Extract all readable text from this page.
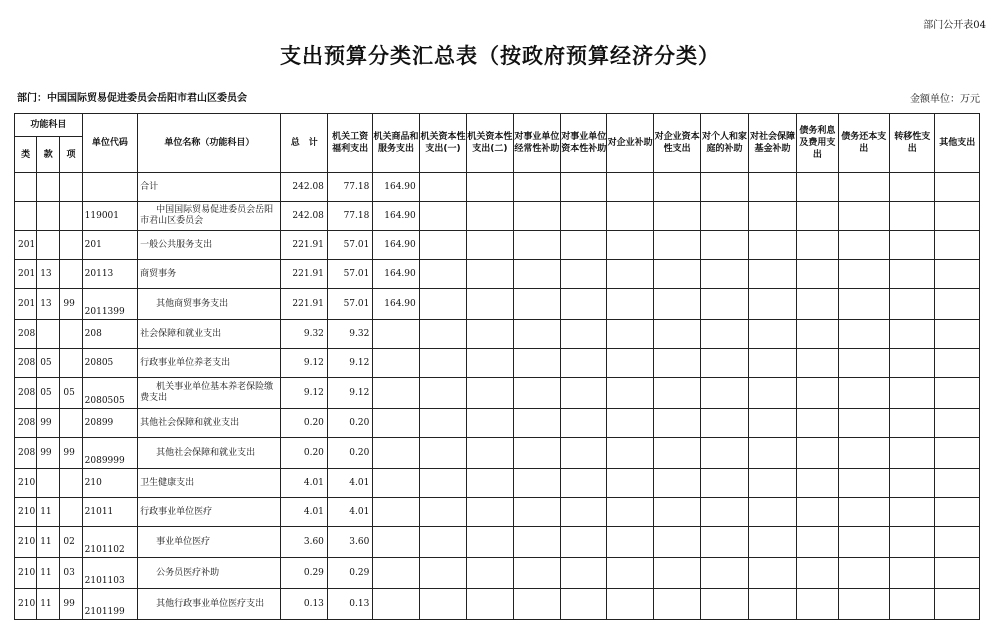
部门公开表04
支出预算分类汇总表（按政府预算经济分类）
部门：中国国际贸易促进委员会岳阳市君山区委员会	金额单位：万元
功能科目			单位代码	单位名称（功能科目）	总　计	机关工资福利支出	机关商品和服务支出	机关资本性支出(一)	机关资本性支出(二)	对事业单位经常性补助	对事业单位资本性补助	对企业补助	对企业资本性支出	对个人和家庭的补助	对社会保障基金补助	债务利息及费用支出	债务还本支出	转移性支出	其他支出
类	款	项																	
				合计	242.08	77.18	164.90												
			119001	中国国际贸易促进委员会岳阳市君山区委员会	242.08	77.18	164.90												
201			201	一般公共服务支出	221.91	57.01	164.90												
201	13		20113	商贸事务	221.91	57.01	164.90												
201	13	99	2011399	其他商贸事务支出	221.91	57.01	164.90												
208			208	社会保障和就业支出	9.32	9.32													
208	05		20805	行政事业单位养老支出	9.12	9.12													
208	05	05	2080505	机关事业单位基本养老保险缴费支出	9.12	9.12													
208	99		20899	其他社会保障和就业支出	0.20	0.20													
208	99	99	2089999	其他社会保障和就业支出	0.20	0.20													
210			210	卫生健康支出	4.01	4.01													
210	11		21011	行政事业单位医疗	4.01	4.01													
210	11	02	2101102	事业单位医疗	3.60	3.60													
210	11	03	2101103	公务员医疗补助	0.29	0.29													
210	11	99	2101199	其他行政事业单位医疗支出	0.13	0.13													
